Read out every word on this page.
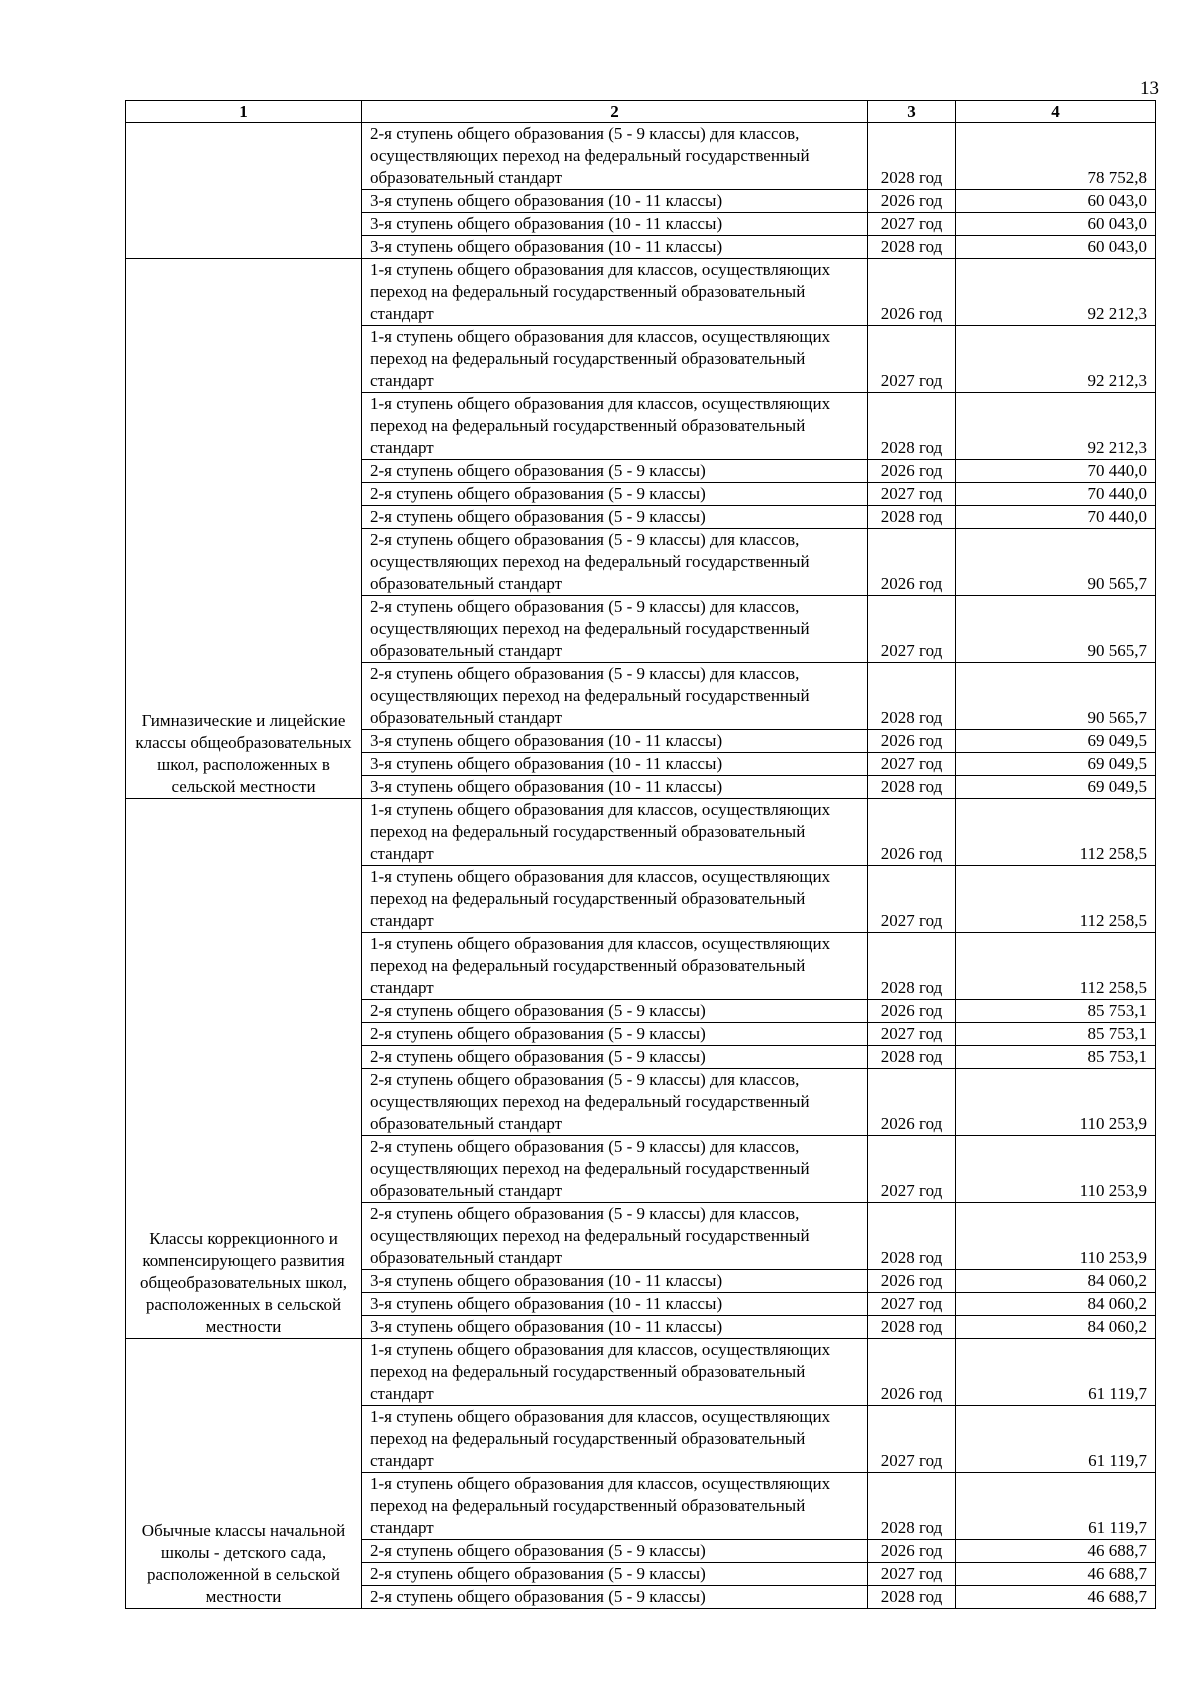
13
1	2	3	4
	2-я ступень общего образования (5 - 9 классы) для классов, осуществляющих переход на федеральный государственный образовательный стандарт	2028 год	78 752,8
	3-я ступень общего образования (10 - 11 классы)	2026 год	60 043,0
	3-я ступень общего образования (10 - 11 классы)	2027 год	60 043,0
	3-я ступень общего образования (10 - 11 классы)	2028 год	60 043,0
Гимназические и лицейские классы общеобразовательных школ, расположенных в сельской местности	1-я ступень общего образования для классов, осуществляющих переход на федеральный государственный образовательный стандарт	2026 год	92 212,3
	1-я ступень общего образования для классов, осуществляющих переход на федеральный государственный образовательный стандарт	2027 год	92 212,3
	1-я ступень общего образования для классов, осуществляющих переход на федеральный государственный образовательный стандарт	2028 год	92 212,3
	2-я ступень общего образования (5 - 9 классы)	2026 год	70 440,0
	2-я ступень общего образования (5 - 9 классы)	2027 год	70 440,0
	2-я ступень общего образования (5 - 9 классы)	2028 год	70 440,0
	2-я ступень общего образования (5 - 9 классы) для классов, осуществляющих переход на федеральный государственный образовательный стандарт	2026 год	90 565,7
	2-я ступень общего образования (5 - 9 классы) для классов, осуществляющих переход на федеральный государственный образовательный стандарт	2027 год	90 565,7
	2-я ступень общего образования (5 - 9 классы) для классов, осуществляющих переход на федеральный государственный образовательный стандарт	2028 год	90 565,7
	3-я ступень общего образования (10 - 11 классы)	2026 год	69 049,5
	3-я ступень общего образования (10 - 11 классы)	2027 год	69 049,5
	3-я ступень общего образования (10 - 11 классы)	2028 год	69 049,5
Классы коррекционного и компенсирующего развития общеобразовательных школ, расположенных в сельской местности	1-я ступень общего образования для классов, осуществляющих переход на федеральный государственный образовательный стандарт	2026 год	112 258,5
	1-я ступень общего образования для классов, осуществляющих переход на федеральный государственный образовательный стандарт	2027 год	112 258,5
	1-я ступень общего образования для классов, осуществляющих переход на федеральный государственный образовательный стандарт	2028 год	112 258,5
	2-я ступень общего образования (5 - 9 классы)	2026 год	85 753,1
	2-я ступень общего образования (5 - 9 классы)	2027 год	85 753,1
	2-я ступень общего образования (5 - 9 классы)	2028 год	85 753,1
	2-я ступень общего образования (5 - 9 классы) для классов, осуществляющих переход на федеральный государственный образовательный стандарт	2026 год	110 253,9
	2-я ступень общего образования (5 - 9 классы) для классов, осуществляющих переход на федеральный государственный образовательный стандарт	2027 год	110 253,9
	2-я ступень общего образования (5 - 9 классы) для классов, осуществляющих переход на федеральный государственный образовательный стандарт	2028 год	110 253,9
	3-я ступень общего образования (10 - 11 классы)	2026 год	84 060,2
	3-я ступень общего образования (10 - 11 классы)	2027 год	84 060,2
	3-я ступень общего образования (10 - 11 классы)	2028 год	84 060,2
Обычные классы начальной школы - детского сада, расположенной в сельской местности	1-я ступень общего образования для классов, осуществляющих переход на федеральный государственный образовательный стандарт	2026 год	61 119,7
	1-я ступень общего образования для классов, осуществляющих переход на федеральный государственный образовательный стандарт	2027 год	61 119,7
	1-я ступень общего образования для классов, осуществляющих переход на федеральный государственный образовательный стандарт	2028 год	61 119,7
	2-я ступень общего образования (5 - 9 классы)	2026 год	46 688,7
	2-я ступень общего образования (5 - 9 классы)	2027 год	46 688,7
	2-я ступень общего образования (5 - 9 классы)	2028 год	46 688,7
